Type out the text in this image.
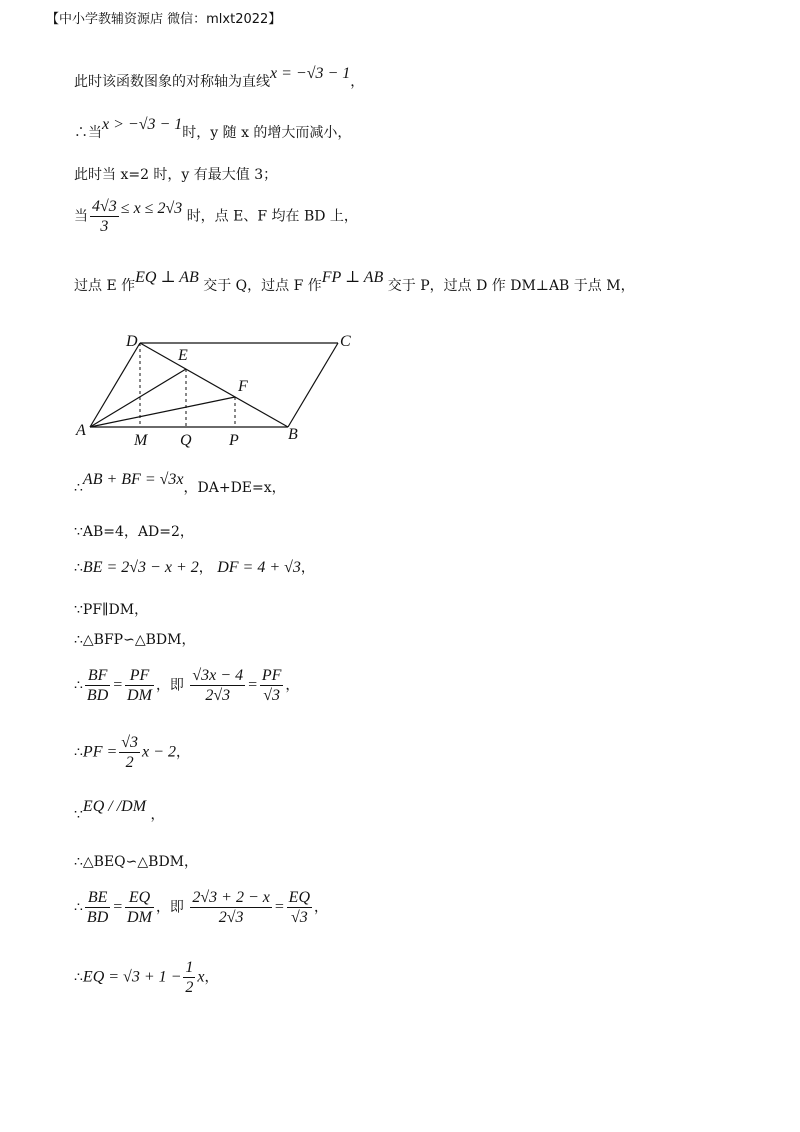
【中小学教辅资源店 微信：mlxt2022】
此时该函数图象的对称轴为直线x = −√3 − 1，
∴当x > −√3 − 1时，y 随 x 的增大而减小，
此时当 x=2 时，y 有最大值 3；
当 $\frac{4√3}{3} \le x \le 2√3$ 时，点 E、F 均在 BD 上，
过点 E 作EQ ⊥ AB 交于 Q，过点 F 作FP ⊥ AB 交于 P，过点 D 作 DM⊥AB 于点 M，
D	C
E
F
A
M Q P	B
∴AB + BF = √3x，DA+DE=x，
∵AB=4，AD=2，
∴BE = 2√3 − x + 2， DF = 4 + √3，
∵PF∥DM，
∴△BFP∽△BDM，
∴ $\frac{BF}{BD} = \frac{PF}{DM}$ ，即 $\frac{√3x - 4}{2√3} = \frac{PF}{√3}$ ，
∴PF = $\frac{√3}{2}$ x − 2，
∵EQ / /DM ，
∴△BEQ∽△BDM，
∴ $\frac{BE}{BD} = \frac{EQ}{DM}$ ，即 $\frac{2√3 + 2 - x}{2√3} = \frac{EQ}{√3}$ ，
∴EQ = $√3 + 1 - \frac{1}{2}$ x，
